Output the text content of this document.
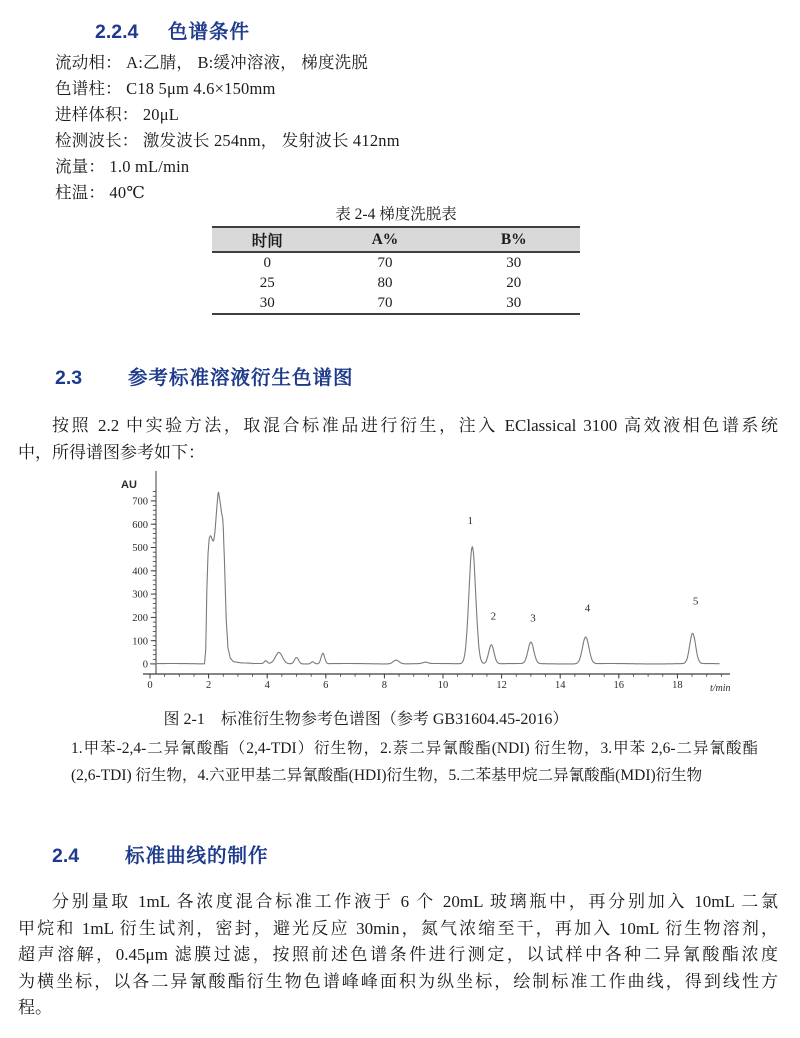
2.2.4	色谱条件
流动相： A:乙腈， B:缓冲溶液， 梯度洗脱
色谱柱： C18 5μm 4.6×150mm
进样体积： 20μL
检测波长： 激发波长 254nm， 发射波长 412nm
流量： 1.0 mL/min
柱温： 40℃
表 2-4 梯度洗脱表
时间	A%	B%
0	70	30
25	80	20
30	70	30
2.3	参考标准溶液衍生色谱图
按照 2.2 中实验方法，取混合标准品进行衍生，注入 EClassical 3100 高效液相色谱系统
中，所得谱图参考如下：
0
100
200
300
400
500
600
700
AU
0	2	4	6	8	10	12	14	16	18	t/min
1
2	3
4
5
图 2-1　标准衍生物参考色谱图（参考 GB31604.45-2016）
1.甲苯-2,4-二异氰酸酯（2,4-TDI）衍生物，2.萘二异氰酸酯(NDI) 衍生物，3.甲苯 2,6-二异氰酸酯
(2,6-TDI) 衍生物，4.六亚甲基二异氰酸酯(HDI)衍生物，5.二苯基甲烷二异氰酸酯(MDI)衍生物
2.4	标准曲线的制作
分别量取 1mL 各浓度混合标准工作液于 6 个 20mL 玻璃瓶中，再分别加入 10mL 二氯
甲烷和 1mL 衍生试剂，密封，避光反应 30min，氮气浓缩至干，再加入 10mL 衍生物溶剂，
超声溶解，0.45μm 滤膜过滤，按照前述色谱条件进行测定，以试样中各种二异氰酸酯浓度
为横坐标，以各二异氰酸酯衍生物色谱峰峰面积为纵坐标，绘制标准工作曲线，得到线性方
程。
